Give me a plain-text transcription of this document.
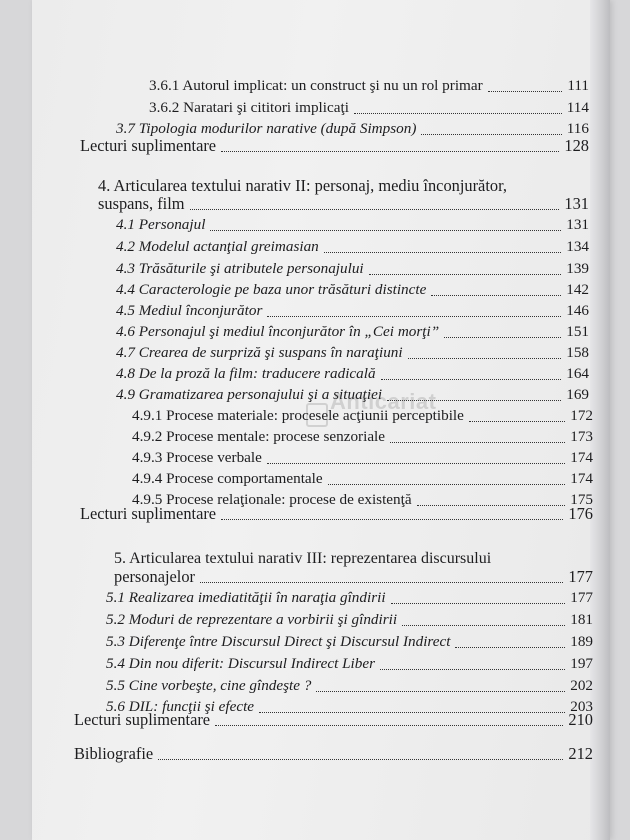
3.6.1 Autorul implicat: un construct şi nu un rol primar	111
3.6.2 Naratari şi cititori implicaţi	114
3.7 Tipologia modurilor narative (după Simpson)	116
Lecturi suplimentare	128
4. Articularea textului narativ II: personaj, mediu înconjurător,
suspans, film	131
4.1 Personajul	131
4.2 Modelul actanţial greimasian	134
4.3 Trăsăturile şi atributele personajului	139
4.4 Caracterologie pe baza unor trăsături distincte	142
4.5 Mediul înconjurător	146
4.6 Personajul şi mediul înconjurător în „Cei morţi”	151
4.7 Crearea de surpriză şi suspans în naraţiuni	158
4.8 De la proză la film: traducere radicală	164
4.9 Gramatizarea personajului şi a situaţiei	169
4.9.1 Procese materiale: procesele acţiunii perceptibile	172
4.9.2 Procese mentale: procese senzoriale	173
4.9.3 Procese verbale	174
4.9.4 Procese comportamentale	174
4.9.5 Procese relaţionale: procese de existenţă	175
Lecturi suplimentare	176
5. Articularea textului narativ III: reprezentarea discursului
personajelor	177
5.1 Realizarea imediatităţii în naraţia gîndirii	177
5.2 Moduri de reprezentare a vorbirii şi gîndirii	181
5.3 Diferenţe între Discursul Direct şi Discursul Indirect	189
5.4 Din nou diferit: Discursul Indirect Liber	197
5.5 Cine vorbeşte, cine gîndeşte ?	202
5.6 DIL: funcţii şi efecte	203
Lecturi suplimentare	210
Bibliografie	212
Anticariat
